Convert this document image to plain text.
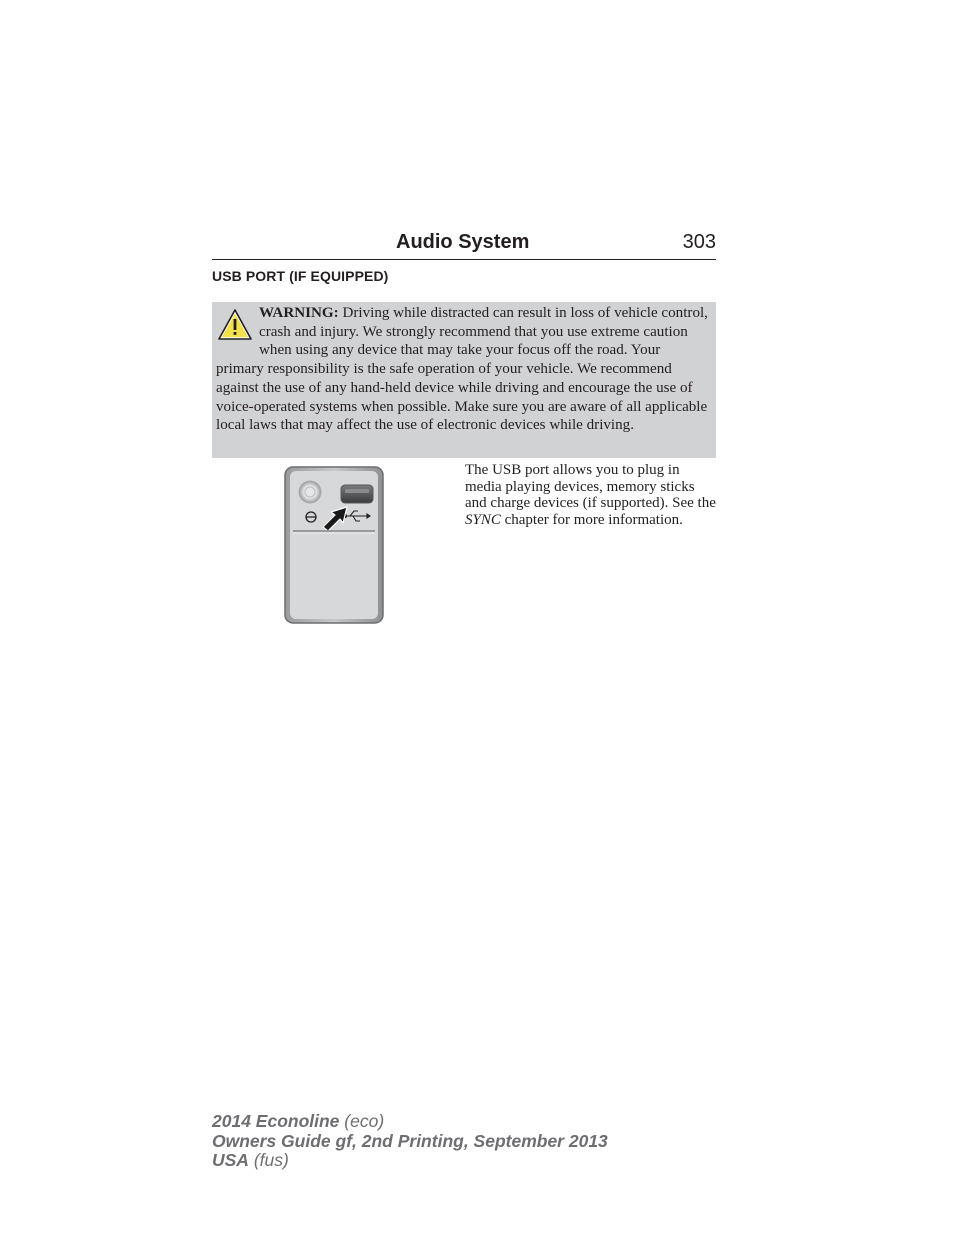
Audio System	303
USB PORT (IF EQUIPPED)
WARNING: Driving while distracted can result in loss of vehicle control, crash and injury. We strongly recommend that you use extreme caution when using any device that may take your focus off the road. Your primary responsibility is the safe operation of your vehicle. We recommend against the use of any hand-held device while driving and encourage the use of voice-operated systems when possible. Make sure you are aware of all applicable local laws that may affect the use of electronic devices while driving.
The USB port allows you to plug in media playing devices, memory sticks and charge devices (if supported). See the SYNC chapter for more information.
2014 Econoline (eco)
Owners Guide gf, 2nd Printing, September 2013
USA (fus)
